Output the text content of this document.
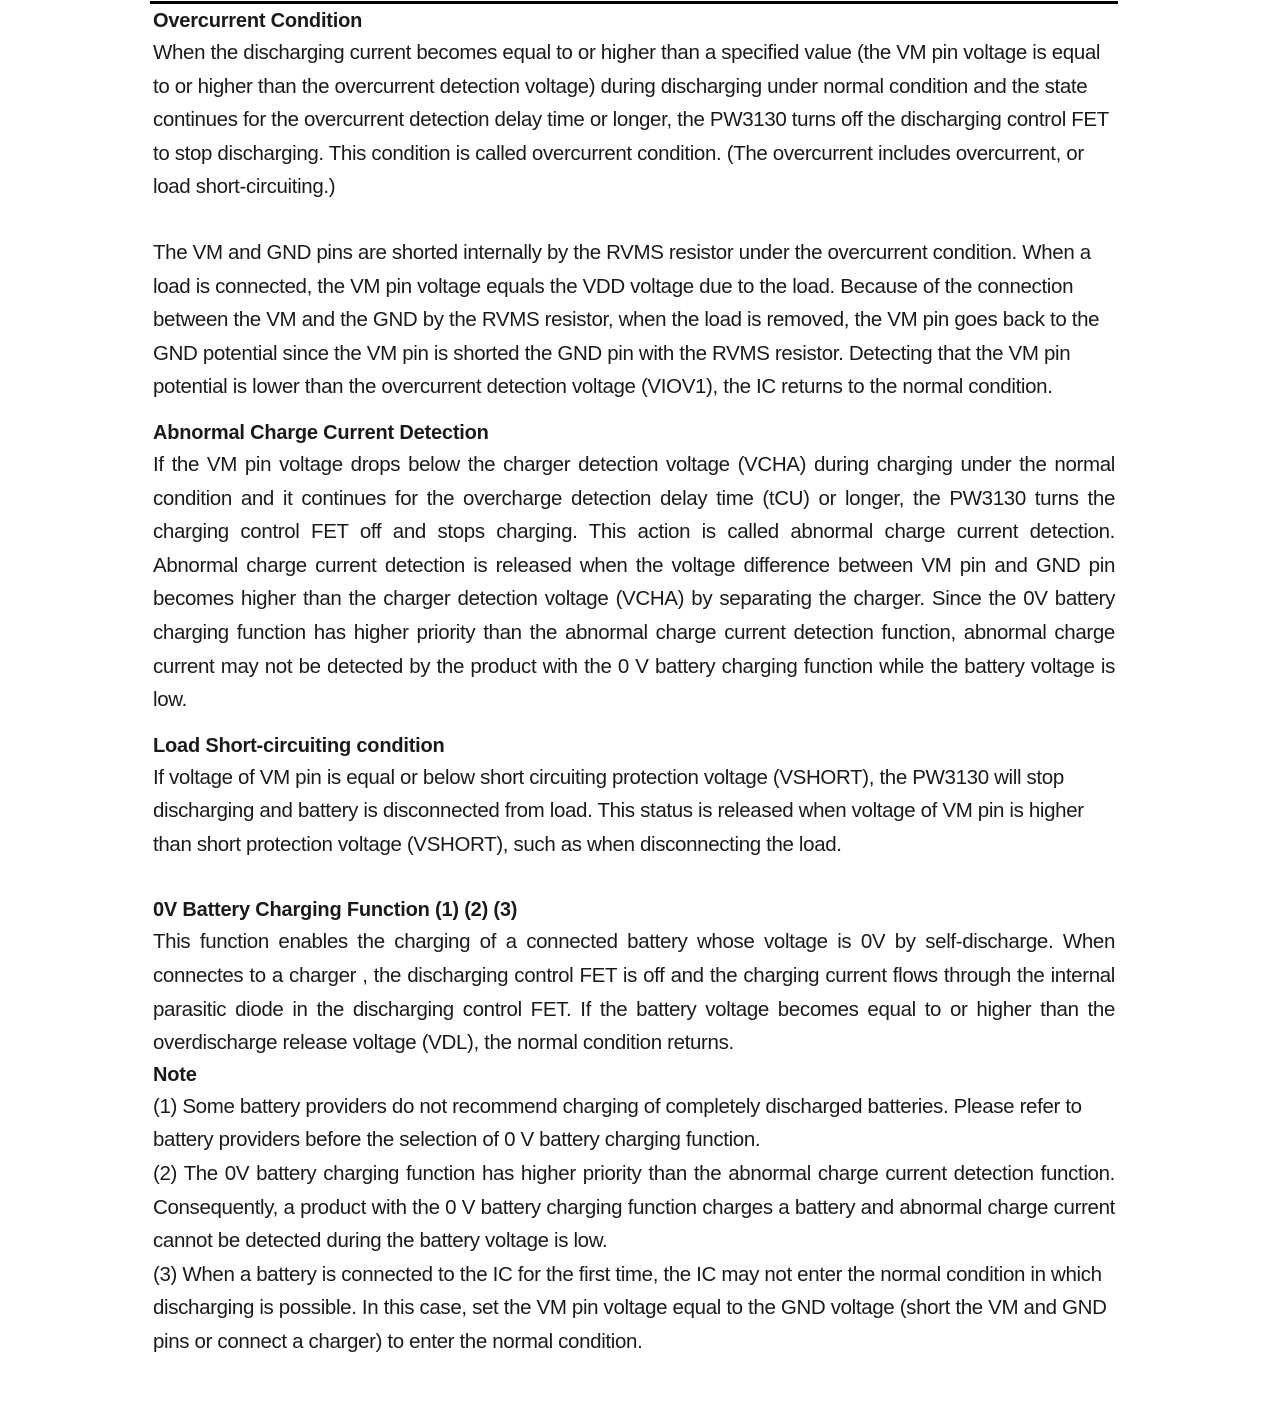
Overcurrent Condition

When the discharging current becomes equal to or higher than a specified value (the VM pin voltage is equal to or higher than the overcurrent detection voltage) during discharging under normal condition and the state continues for the overcurrent detection delay time or longer, the PW3130 turns off the discharging control FET to stop discharging. This condition is called overcurrent condition. (The overcurrent includes overcurrent, or load short-circuiting.)

The VM and GND pins are shorted internally by the RVMS resistor under the overcurrent condition. When a load is connected, the VM pin voltage equals the VDD voltage due to the load. Because of the connection between the VM and the GND by the RVMS resistor, when the load is removed, the VM pin goes back to the GND potential since the VM pin is shorted the GND pin with the RVMS resistor. Detecting that the VM pin potential is lower than the overcurrent detection voltage (VIOV1), the IC returns to the normal condition.

Abnormal Charge Current Detection

If the VM pin voltage drops below the charger detection voltage (VCHA) during charging under the normal condition and it continues for the overcharge detection delay time (tCU) or longer, the PW3130 turns the charging control FET off and stops charging. This action is called abnormal charge current detection. Abnormal charge current detection is released when the voltage difference between VM pin and GND pin becomes higher than the charger detection voltage (VCHA) by separating the charger. Since the 0V battery charging function has higher priority than the abnormal charge current detection function, abnormal charge current may not be detected by the product with the 0 V battery charging function while the battery voltage is low.

Load Short-circuiting condition

If voltage of VM pin is equal or below short circuiting protection voltage (VSHORT), the PW3130 will stop discharging and battery is disconnected from load. This status is released when voltage of VM pin is higher than short protection voltage (VSHORT), such as when disconnecting the load.

0V Battery Charging Function (1) (2) (3)

This function enables the charging of a connected battery whose voltage is 0V by self-discharge. When connectes to a charger , the discharging control FET is off and the charging current flows through the internal parasitic diode in the discharging control FET. If the battery voltage becomes equal to or higher than the overdischarge release voltage (VDL), the normal condition returns.

Note

(1) Some battery providers do not recommend charging of completely discharged batteries. Please refer to battery providers before the selection of 0 V battery charging function.

(2) The 0V battery charging function has higher priority than the abnormal charge current detection function. Consequently, a product with the 0 V battery charging function charges a battery and abnormal charge current cannot be detected during the battery voltage is low.

(3) When a battery is connected to the IC for the first time, the IC may not enter the normal condition in which discharging is possible. In this case, set the VM pin voltage equal to the GND voltage (short the VM and GND pins or connect a charger) to enter the normal condition.
